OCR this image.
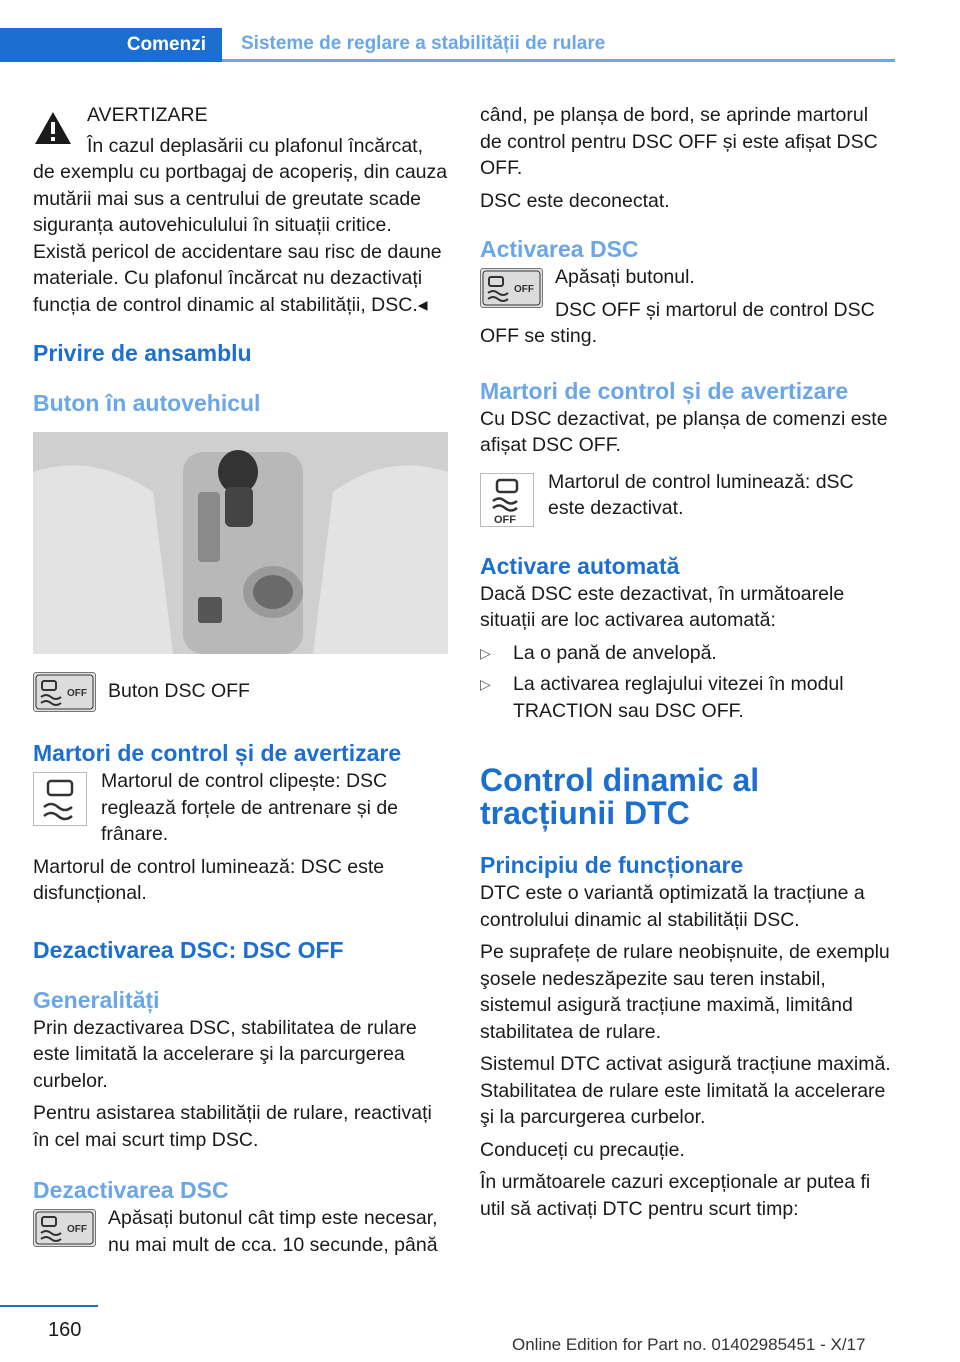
Comenzi Sisteme de reglare a stabilității de rulare

AVERTIZARE

În cazul deplasării cu plafonul încărcat, de exemplu cu portbagaj de acoperiș, din cauza mutării mai sus a centrului de greutate scade siguranța autovehiculului în situații critice. Există pericol de accidentare sau risc de daune materiale. Cu plafonul încărcat nu dezactivați funcția de control dinamic al stabilității, DSC.◂

Privire de ansamblu
Buton în autovehicul
OFF Buton DSC OFF

Martori de control și de avertizare

Martorul de control clipește: DSC reglează forțele de antrenare și de frânare.

Martorul de control luminează: DSC este disfuncțional.

Dezactivarea DSC: DSC OFF
Generalități

Prin dezactivarea DSC, stabilitatea de rulare este limitată la accelerare şi la parcurgerea curbelor.

Pentru asistarea stabilității de rulare, reactivați în cel mai scurt timp DSC.

Dezactivarea DSC
OFF

Apăsați butonul cât timp este necesar, nu mai mult de cca. 10 secunde, până

când, pe planșa de bord, se aprinde martorul de control pentru DSC OFF și este afișat DSC OFF.

DSC este deconectat.

Activarea DSC
OFF

Apăsați butonul.

DSC OFF și martorul de control DSC OFF se sting.

Martori de control și de avertizare

Cu DSC dezactivat, pe planșa de comenzi este afișat DSC OFF.

OFF

Martorul de control luminează: dSC este dezactivat.

Activare automată

Dacă DSC este dezactivat, în următoarele situații are loc activarea automată:

▷ La o pană de anvelopă.
▷ La activarea reglajului vitezei în modul TRACTION sau DSC OFF.
Control dinamic al tracțiunii DTC
Principiu de funcționare

DTC este o variantă optimizată la tracțiune a controlului dinamic al stabilității DSC.

Pe suprafețe de rulare neobișnuite, de exemplu şosele nedeszăpezite sau teren instabil, sistemul asigură tracțiune maximă, limitând stabilitatea de rulare.

Sistemul DTC activat asigură tracțiune maximă. Stabilitatea de rulare este limitată la accelerare şi la parcurgerea curbelor.

Conduceți cu precauție.

În următoarele cazuri excepționale ar putea fi util să activați DTC pentru scurt timp:

160
Online Edition for Part no. 01402985451 - X/17
